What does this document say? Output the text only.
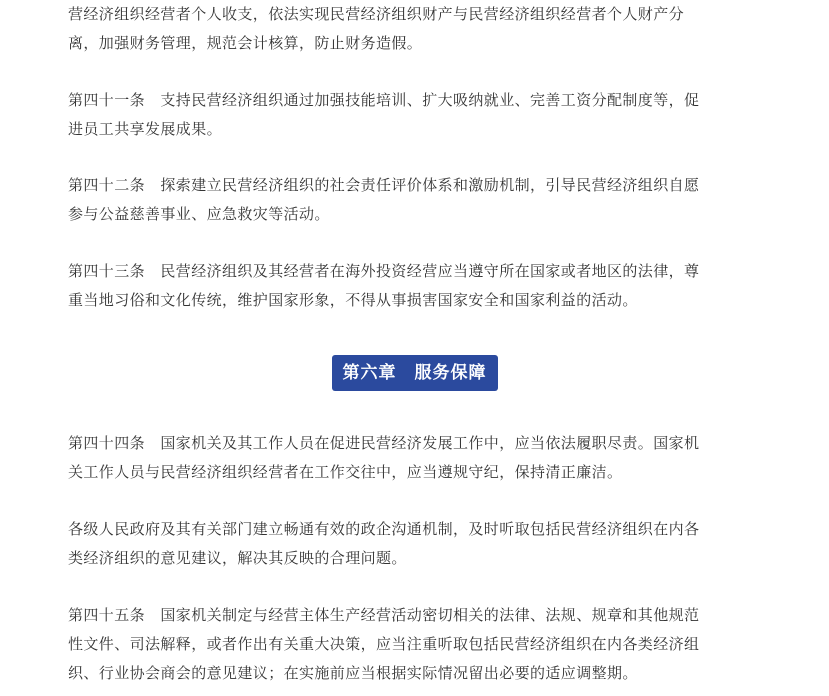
营经济组织经营者个人收支，依法实现民营经济组织财产与民营经济组织经营者个人财产分
离，加强财务管理，规范会计核算，防止财务造假。

第四十一条　支持民营经济组织通过加强技能培训、扩大吸纳就业、完善工资分配制度等，促
进员工共享发展成果。

第四十二条　探索建立民营经济组织的社会责任评价体系和激励机制，引导民营经济组织自愿
参与公益慈善事业、应急救灾等活动。

第四十三条　民营经济组织及其经营者在海外投资经营应当遵守所在国家或者地区的法律，尊
重当地习俗和文化传统，维护国家形象，不得从事损害国家安全和国家利益的活动。

第四十四条　国家机关及其工作人员在促进民营经济发展工作中，应当依法履职尽责。国家机
关工作人员与民营经济组织经营者在工作交往中，应当遵规守纪，保持清正廉洁。

各级人民政府及其有关部门建立畅通有效的政企沟通机制，及时听取包括民营经济组织在内各
类经济组织的意见建议，解决其反映的合理问题。

第四十五条　国家机关制定与经营主体生产经营活动密切相关的法律、法规、规章和其他规范
性文件、司法解释，或者作出有关重大决策，应当注重听取包括民营经济组织在内各类经济组
织、行业协会商会的意见建议；在实施前应当根据实际情况留出必要的适应调整期。

第六章　服务保障
